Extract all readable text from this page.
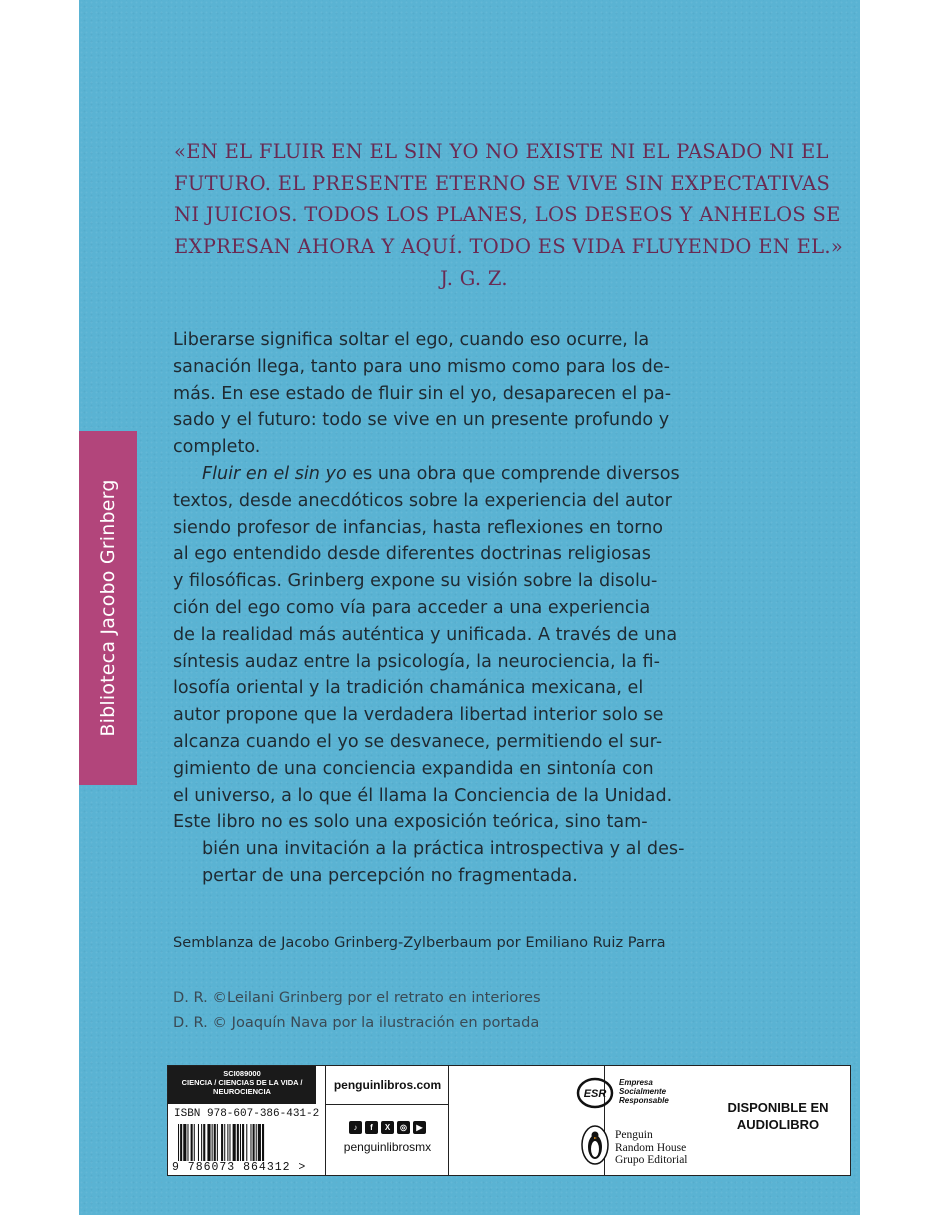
«EN EL FLUIR EN EL SIN YO NO EXISTE NI EL PASADO NI EL

FUTURO. EL PRESENTE ETERNO SE VIVE SIN EXPECTATIVAS

NI JUICIOS. TODOS LOS PLANES, LOS DESEOS Y ANHELOS SE

EXPRESAN AHORA Y AQUÍ. TODO ES VIDA FLUYENDO EN EL.»

J. G. Z.

Biblioteca Jacobo Grinberg

Liberarse significa soltar el ego, cuando eso ocurre, la
sanación llega, tanto para uno mismo como para los de-
más. En ese estado de fluir sin el yo, desaparecen el pa-
sado y el futuro: todo se vive en un presente profundo y
completo.

Fluir en el sin yo es una obra que comprende diversos
textos, desde anecdóticos sobre la experiencia del autor
siendo profesor de infancias, hasta reflexiones en torno
al ego entendido desde diferentes doctrinas religiosas
y filosóficas. Grinberg expone su visión sobre la disolu-
ción del ego como vía para acceder a una experiencia
de la realidad más auténtica y unificada. A través de una
síntesis audaz entre la psicología, la neurociencia, la fi-
losofía oriental y la tradición chamánica mexicana, el
autor propone que la verdadera libertad interior solo se
alcanza cuando el yo se desvanece, permitiendo el sur-
gimiento de una conciencia expandida en sintonía con
el universo, a lo que él llama la Conciencia de la Unidad.

Este libro no es solo una exposición teórica, sino tam-
bién una invitación a la práctica introspectiva y al des-
pertar de una percepción no fragmentada.

Semblanza de Jacobo Grinberg-Zylberbaum por Emiliano Ruiz Parra
D. R. ©Leilani Grinberg por el retrato en interiores
D. R. © Joaquín Nava por la ilustración en portada
SCI089000
CIENCIA / CIENCIAS DE LA VIDA /
NEUROCIENCIA
ISBN 978-607-386-431-2
9 786073 864312 >
penguinlibros.com
♪	f	X	◎	▶
penguinlibrosmx
ESR
Empresa
Socialmente
Responsable
Penguin
Random House
Grupo Editorial
DISPONIBLE EN
AUDIOLIBRO
